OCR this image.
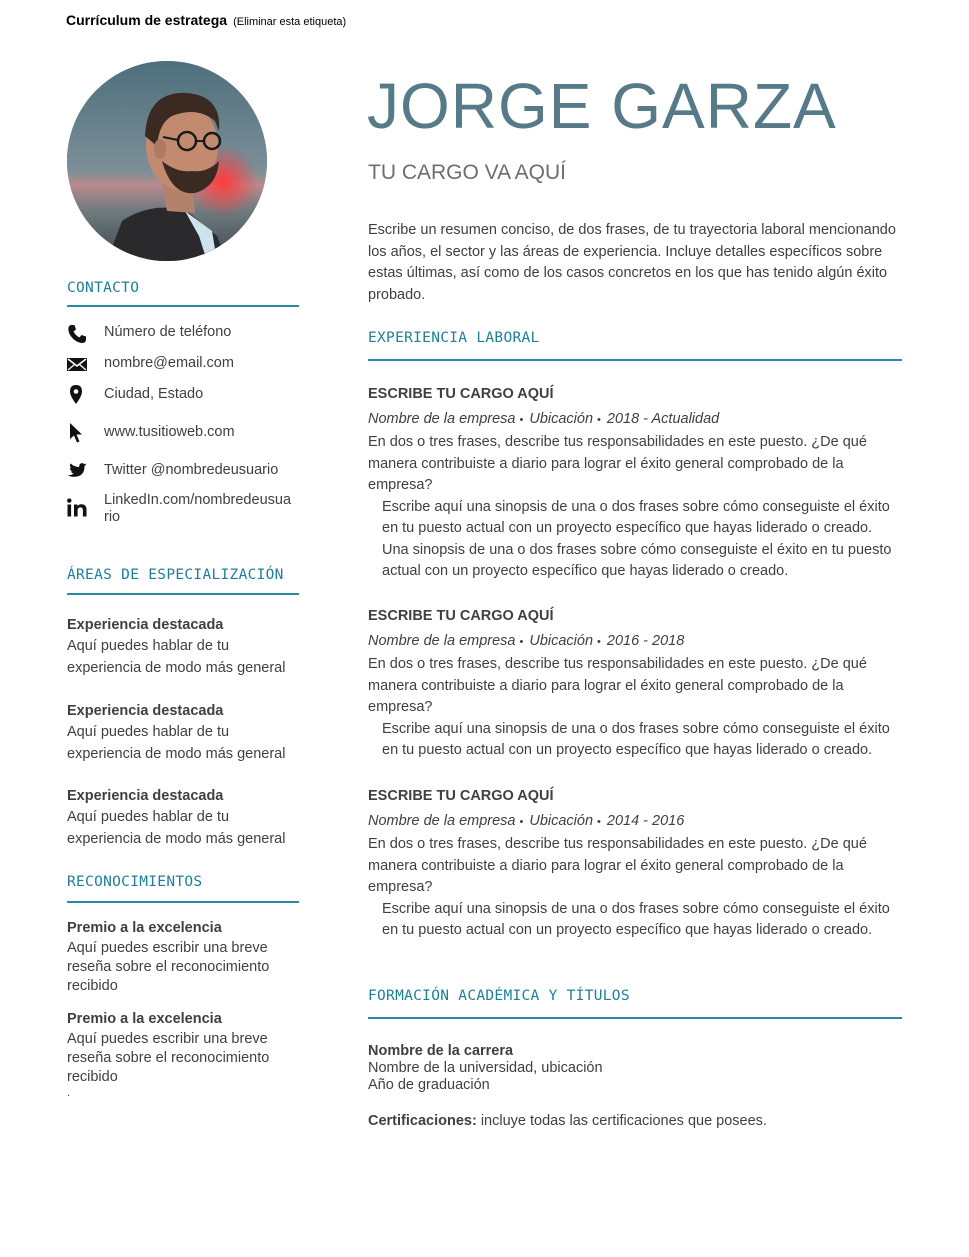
Currículum de estratega (Eliminar esta etiqueta)
CONTACTO
Número de teléfono
nombre@email.com
Ciudad, Estado
www.tusitioweb.com
Twitter @nombredeusuario
LinkedIn.com/nombredeusua rio
ÁREAS DE ESPECIALIZACIÓN
Experiencia destacada
Aquí puedes hablar de tu experiencia de modo más general
Experiencia destacada
Aquí puedes hablar de tu experiencia de modo más general
Experiencia destacada
Aquí puedes hablar de tu experiencia de modo más general
RECONOCIMIENTOS
Premio a la excelencia
Aquí puedes escribir una breve reseña sobre el reconocimiento recibido
Premio a la excelencia
Aquí puedes escribir una breve reseña sobre el reconocimiento recibido
.
JORGE GARZA
TU CARGO VA AQUÍ
Escribe un resumen conciso, de dos frases, de tu trayectoria laboral mencionando los años, el sector y las áreas de experiencia. Incluye detalles específicos sobre estas últimas, así como de los casos concretos en los que has tenido algún éxito probado.
EXPERIENCIA LABORAL
ESCRIBE TU CARGO AQUÍ
Nombre de la empresa • Ubicación • 2018 - Actualidad
En dos o tres frases, describe tus responsabilidades en este puesto. ¿De qué manera contribuiste a diario para lograr el éxito general comprobado de la empresa?
Escribe aquí una sinopsis de una o dos frases sobre cómo conseguiste el éxito en tu puesto actual con un proyecto específico que hayas liderado o creado.
Una sinopsis de una o dos frases sobre cómo conseguiste el éxito en tu puesto actual con un proyecto específico que hayas liderado o creado.
ESCRIBE TU CARGO AQUÍ
Nombre de la empresa • Ubicación • 2016 - 2018
En dos o tres frases, describe tus responsabilidades en este puesto. ¿De qué manera contribuiste a diario para lograr el éxito general comprobado de la empresa?
Escribe aquí una sinopsis de una o dos frases sobre cómo conseguiste el éxito en tu puesto actual con un proyecto específico que hayas liderado o creado.
ESCRIBE TU CARGO AQUÍ
Nombre de la empresa • Ubicación • 2014 - 2016
En dos o tres frases, describe tus responsabilidades en este puesto. ¿De qué manera contribuiste a diario para lograr el éxito general comprobado de la empresa?
Escribe aquí una sinopsis de una o dos frases sobre cómo conseguiste el éxito en tu puesto actual con un proyecto específico que hayas liderado o creado.
FORMACIÓN ACADÉMICA Y TÍTULOS
Nombre de la carrera
Nombre de la universidad, ubicación
Año de graduación
Certificaciones: incluye todas las certificaciones que posees.
